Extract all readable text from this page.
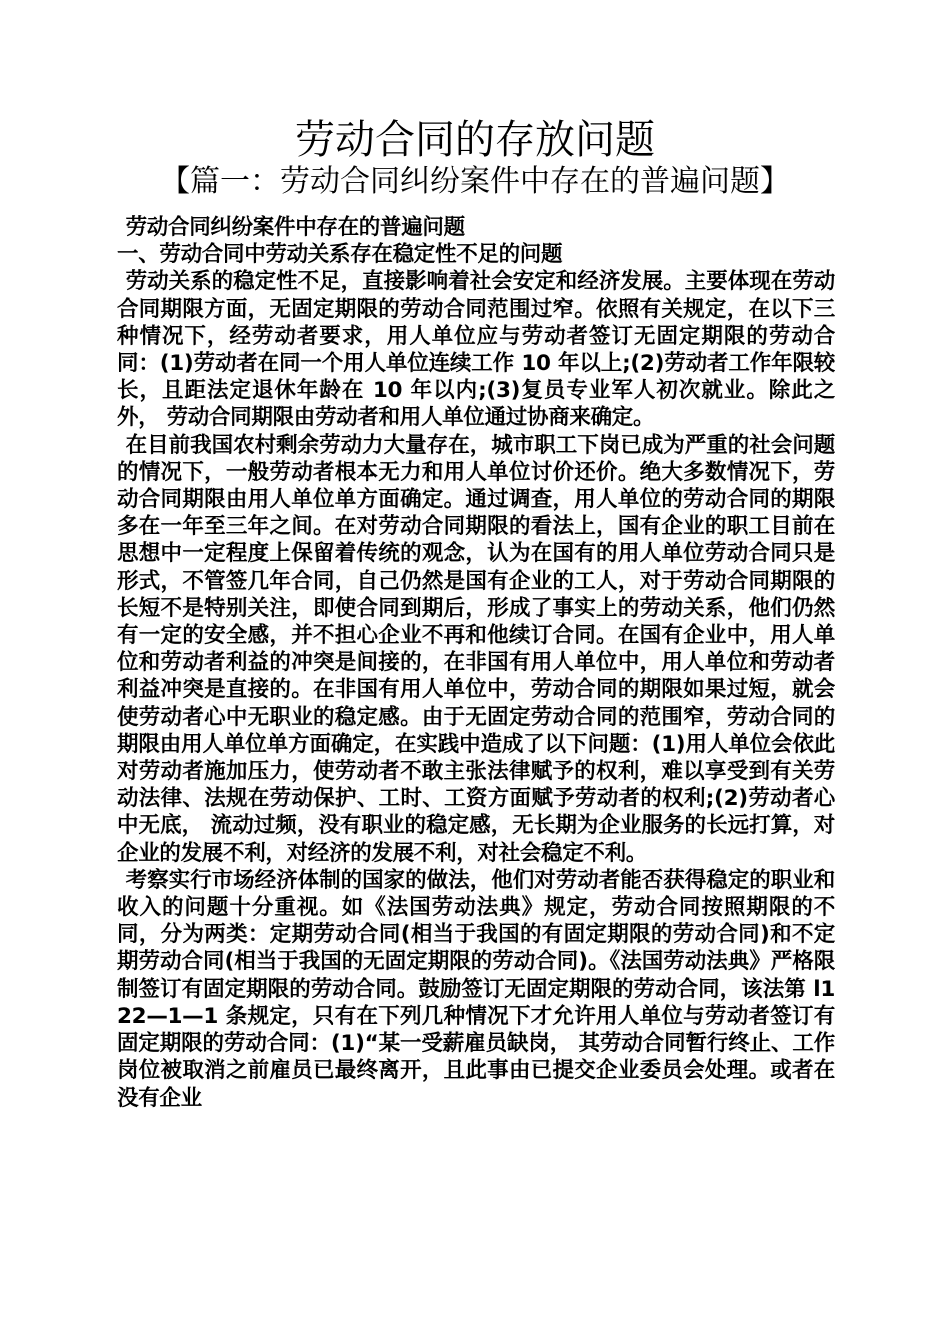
劳动合同的存放问题
【篇一：劳动合同纠纷案件中存在的普遍问题】

劳动合同纠纷案件中存在的普遍问题

一、劳动合同中劳动关系存在稳定性不足的问题

劳动关系的稳定性不足，直接影响着社会安定和经济发展。主要体现在劳动合同期限方面，无固定期限的劳动合同范围过窄。依照有关规定，在以下三种情况下，经劳动者要求，用人单位应与劳动者签订无固定期限的劳动合同：(1)劳动者在同一个用人单位连续工作 10 年以上;(2)劳动者工作年限较长，且距法定退休年龄在 10 年以内;(3)复员专业军人初次就业。除此之外， 劳动合同期限由劳动者和用人单位通过协商来确定。

在目前我国农村剩余劳动力大量存在，城市职工下岗已成为严重的社会问题的情况下，一般劳动者根本无力和用人单位讨价还价。绝大多数情况下，劳动合同期限由用人单位单方面确定。通过调查，用人单位的劳动合同的期限多在一年至三年之间。在对劳动合同期限的看法上，国有企业的职工目前在思想中一定程度上保留着传统的观念，认为在国有的用人单位劳动合同只是形式，不管签几年合同，自己仍然是国有企业的工人，对于劳动合同期限的长短不是特别关注，即使合同到期后，形成了事实上的劳动关系，他们仍然有一定的安全感，并不担心企业不再和他续订合同。在国有企业中，用人单位和劳动者利益的冲突是间接的，在非国有用人单位中，用人单位和劳动者利益冲突是直接的。在非国有用人单位中，劳动合同的期限如果过短，就会使劳动者心中无职业的稳定感。由于无固定劳动合同的范围窄，劳动合同的期限由用人单位单方面确定，在实践中造成了以下问题：(1)用人单位会依此对劳动者施加压力，使劳动者不敢主张法律赋予的权利，难以享受到有关劳动法律、法规在劳动保护、工时、工资方面赋予劳动者的权利;(2)劳动者心中无底， 流动过频，没有职业的稳定感，无长期为企业服务的长远打算，对企业的发展不利，对经济的发展不利，对社会稳定不利。

考察实行市场经济体制的国家的做法，他们对劳动者能否获得稳定的职业和收入的问题十分重视。如《法国劳动法典》规定，劳动合同按照期限的不同，分为两类：定期劳动合同(相当于我国的有固定期限的劳动合同)和不定期劳动合同(相当于我国的无固定期限的劳动合同)。《法国劳动法典》严格限制签订有固定期限的劳动合同。鼓励签订无固定期限的劳动合同，该法第 l122—1—1 条规定，只有在下列几种情况下才允许用人单位与劳动者签订有固定期限的劳动合同：(1)“某一受薪雇员缺岗， 其劳动合同暂行终止、工作岗位被取消之前雇员已最终离开，且此事由已提交企业委员会处理。或者在没有企业
